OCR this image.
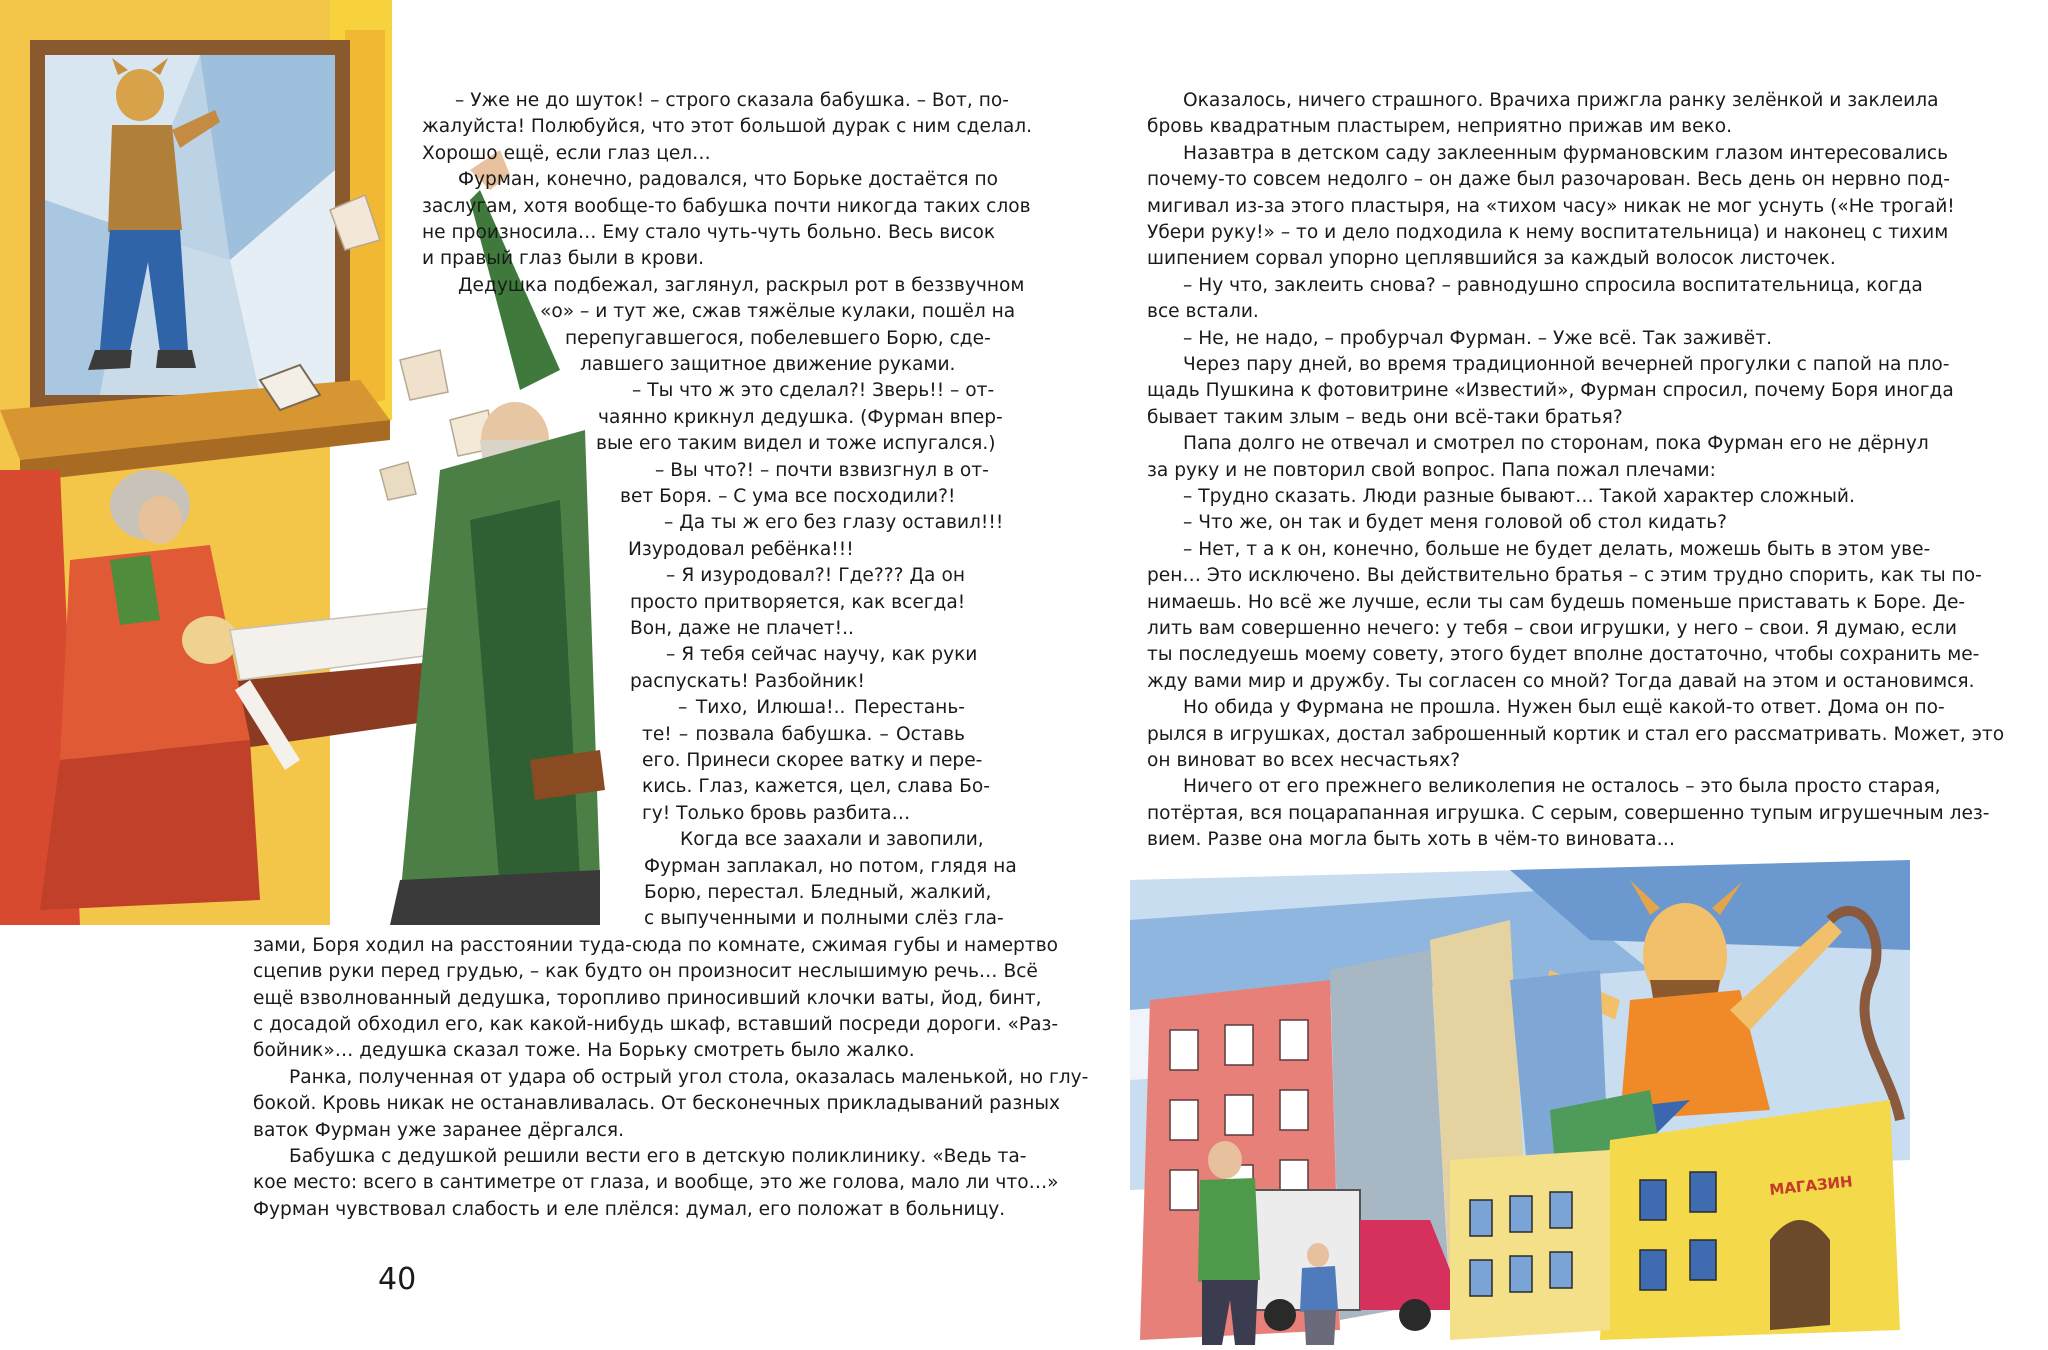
МАГАЗИН
– Уже не до шуток! – строго сказала бабушка. – Вот, по-
жалуйста! Полюбуйся, что этот большой дурак с ним сделал.
Хорошо ещё, если глаз цел…
Фурман, конечно, радовался, что Борьке достаётся по
заслугам, хотя вообще-то бабушка почти никогда таких слов
не произносила… Ему стало чуть-чуть больно. Весь висок
и правый глаз были в крови.
Дедушка подбежал, заглянул, раскрыл рот в беззвучном
«о» – и тут же, сжав тяжёлые кулаки, пошёл на
перепугавшегося, побелевшего Борю, сде-
лавшего защитное движение руками.
– Ты что ж это сделал?! Зверь!! – от-
чаянно крикнул дедушка. (Фурман впер-
вые его таким видел и тоже испугался.)
– Вы что?! – почти взвизгнул в от-
вет Боря. – С ума все посходили?!
– Да ты ж его без глазу оставил!!!
Изуродовал ребёнка!!!
– Я изуродовал?! Где??? Да он
просто притворяется, как всегда!
Вон, даже не плачет!..
– Я тебя сейчас научу, как руки
распускать! Разбойник!
– Тихо, Илюша!.. Перестань-
те! – позвала бабушка. – Оставь
его. Принеси скорее ватку и пере-
кись. Глаз, кажется, цел, слава Бо-
гу! Только бровь разбита…
Когда все заахали и завопили,
Фурман заплакал, но потом, глядя на
Борю, перестал. Бледный, жалкий,
с выпученными и полными слёз гла-
зами, Боря ходил на расстоянии туда-сюда по комнате, сжимая губы и намертво
сцепив руки перед грудью, – как будто он произносит неслышимую речь… Всё
ещё взволнованный дедушка, торопливо приносивший клочки ваты, йод, бинт,
с досадой обходил его, как какой-нибудь шкаф, вставший посреди дороги. «Раз-
бойник»… дедушка сказал тоже. На Борьку смотреть было жалко.
Ранка, полученная от удара об острый угол стола, оказалась маленькой, но глу-
бокой. Кровь никак не останавливалась. От бесконечных прикладываний разных
ваток Фурман уже заранее дёргался.
Бабушка с дедушкой решили вести его в детскую поликлинику. «Ведь та-
кое место: всего в сантиметре от глаза, и вообще, это же голова, мало ли что…»
Фурман чувствовал слабость и еле плёлся: думал, его положат в больницу.
40
Оказалось, ничего страшного. Врачиха прижгла ранку зелёнкой и заклеила
бровь квадратным пластырем, неприятно прижав им веко.
Назавтра в детском саду заклеенным фурмановским глазом интересовались
почему-то совсем недолго – он даже был разочарован. Весь день он нервно под-
мигивал из-за этого пластыря, на «тихом часу» никак не мог уснуть («Не трогай!
Убери руку!» – то и дело подходила к нему воспитательница) и наконец с тихим
шипением сорвал упорно цеплявшийся за каждый волосок листочек.
– Ну что, заклеить снова? – равнодушно спросила воспитательница, когда
все встали.
– Не, не надо, – пробурчал Фурман. – Уже всё. Так заживёт.
Через пару дней, во время традиционной вечерней прогулки с папой на пло-
щадь Пушкина к фотовитрине «Известий», Фурман спросил, почему Боря иногда
бывает таким злым – ведь они всё-таки братья?
Папа долго не отвечал и смотрел по сторонам, пока Фурман его не дёрнул
за руку и не повторил свой вопрос. Папа пожал плечами:
– Трудно сказать. Люди разные бывают… Такой характер сложный.
– Что же, он так и будет меня головой об стол кидать?
– Нет, т а к он, конечно, больше не будет делать, можешь быть в этом уве-
рен… Это исключено. Вы действительно братья – с этим трудно спорить, как ты по-
нимаешь. Но всё же лучше, если ты сам будешь поменьше приставать к Боре. Де-
лить вам совершенно нечего: у тебя – свои игрушки, у него – свои. Я думаю, если
ты последуешь моему совету, этого будет вполне достаточно, чтобы сохранить ме-
жду вами мир и дружбу. Ты согласен со мной? Тогда давай на этом и остановимся.
Но обида у Фурмана не прошла. Нужен был ещё какой-то ответ. Дома он по-
рылся в игрушках, достал заброшенный кортик и стал его рассматривать. Может, это
он виноват во всех несчастьях?
Ничего от его прежнего великолепия не осталось – это была просто старая,
потёртая, вся поцарапанная игрушка. С серым, совершенно тупым игрушечным лез-
вием. Разве она могла быть хоть в чём-то виновата…
